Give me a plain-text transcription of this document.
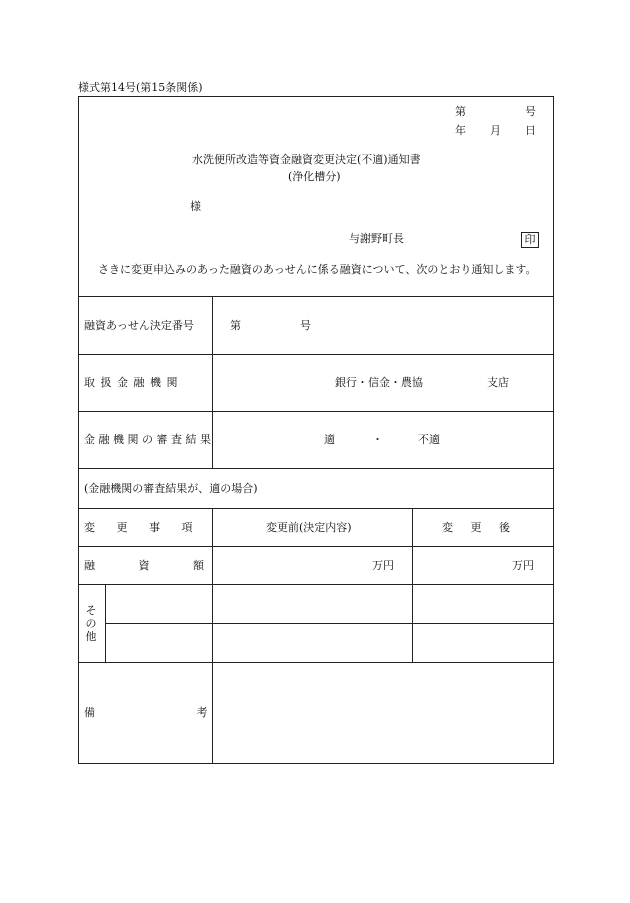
様式第14号(第15条関係)
第	号
年 月 日
水洗便所改造等資金融資変更決定(不適)通知書
(浄化槽分)
様
与謝野町長	印
さきに変更申込みのあった融資のあっせんに係る融資について、次のとおり通知します。
融資あっせん決定番号	第	号
取 扱 金 融 機 関	銀行・信金・農協	支店
金 融 機 関 の 審 査 結 果	適	・	不適
(金融機関の審査結果が、適の場合)
変 更 事 項	変更前(決定内容)	変 更 後
融 資 額	万円	万円
その他
備 考
